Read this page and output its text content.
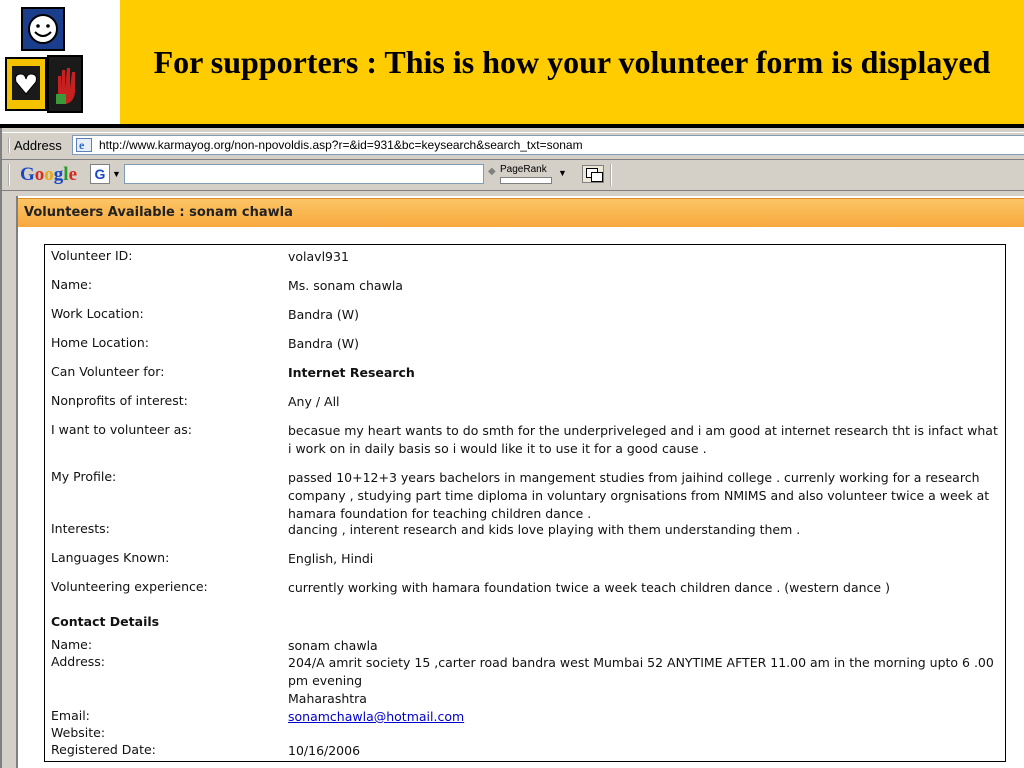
For supporters : This is how your volunteer form is displayed
Address e http://www.karmayog.org/non-npovoldis.asp?r=&id=931&bc=keysearch&search_txt=sonam
Google	G ▼	◆ PageRank ▼
Volunteers Available : sonam chawla
Volunteer ID:	volavl931
Name:	Ms. sonam chawla
Work Location:	Bandra (W)
Home Location:	Bandra (W)
Can Volunteer for:	Internet Research
Nonprofits of interest:	Any / All
I want to volunteer as:	becasue my heart wants to do smth for the underpriveleged and i am good at internet research tht is infact what i work on in daily basis so i would like it to use it for a good cause .
My Profile:	passed 10+12+3 years bachelors in mangement studies from jaihind college . currenly working for a research company , studying part time diploma in voluntary orgnisations from NMIMS and also volunteer twice a week at hamara foundation for teaching children dance .
Interests:	dancing , interent research and kids love playing with them understanding them .
Languages Known:	English, Hindi
Volunteering experience:	currently working with hamara foundation twice a week teach children dance . (western dance )
Contact Details
Name:	sonam chawla
Address:	204/A amrit society 15 ,carter road bandra west Mumbai 52 ANYTIME AFTER 11.00 am in the morning upto 6 .00 pm evening
Maharashtra
Email:	sonamchawla@hotmail.com
Website:
Registered Date:	10/16/2006
